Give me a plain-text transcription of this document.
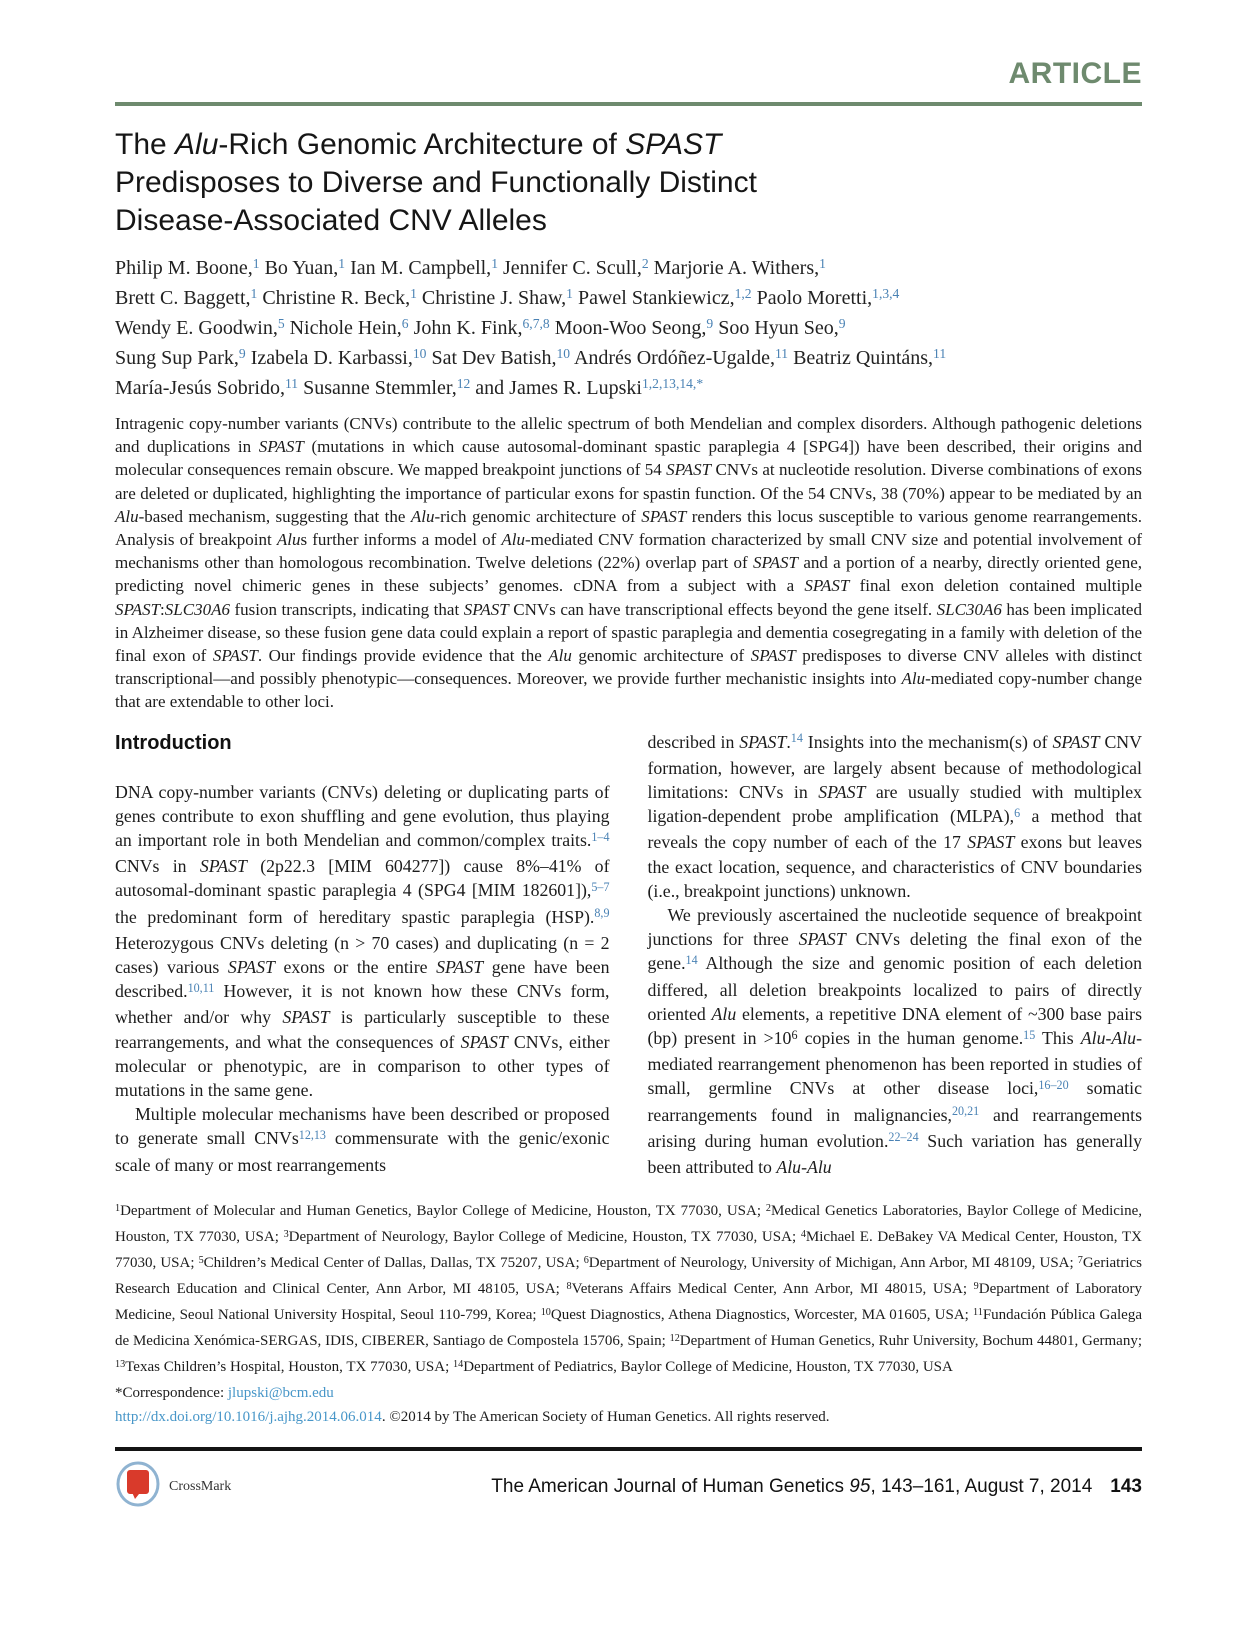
ARTICLE
The Alu-Rich Genomic Architecture of SPAST
Predisposes to Diverse and Functionally Distinct
Disease-Associated CNV Alleles
Philip M. Boone,$^1$ Bo Yuan,$^1$ Ian M. Campbell,$^1$ Jennifer C. Scull,$^2$ Marjorie A. Withers,$^1$
Brett C. Baggett,$^1$ Christine R. Beck,$^1$ Christine J. Shaw,$^1$ Pawel Stankiewicz,$^{1,2}$ Paolo Moretti,$^{1,3,4}$
Wendy E. Goodwin,$^5$ Nichole Hein,$^6$ John K. Fink,$^{6,7,8}$ Moon-Woo Seong,$^9$ Soo Hyun Seo,$^9$
Sung Sup Park,$^9$ Izabela D. Karbassi,$^{10}$ Sat Dev Batish,$^{10}$ Andrés Ordóñez-Ugalde,$^{11}$ Beatriz Quintáns,$^{11}$
María-Jesús Sobrido,$^{11}$ Susanne Stemmler,$^{12}$ and James R. Lupski$^{1,2,13,14,*}$
Intragenic copy-number variants (CNVs) contribute to the allelic spectrum of both Mendelian and complex disorders. Although pathogenic deletions and duplications in SPAST (mutations in which cause autosomal-dominant spastic paraplegia 4 [SPG4]) have been described, their origins and molecular consequences remain obscure. We mapped breakpoint junctions of 54 SPAST CNVs at nucleotide resolution. Diverse combinations of exons are deleted or duplicated, highlighting the importance of particular exons for spastin function. Of the 54 CNVs, 38 (70%) appear to be mediated by an Alu-based mechanism, suggesting that the Alu-rich genomic architecture of SPAST renders this locus susceptible to various genome rearrangements. Analysis of breakpoint Alus further informs a model of Alu-mediated CNV formation characterized by small CNV size and potential involvement of mechanisms other than homologous recombination. Twelve deletions (22%) overlap part of SPAST and a portion of a nearby, directly oriented gene, predicting novel chimeric genes in these subjects’ genomes. cDNA from a subject with a SPAST final exon deletion contained multiple SPAST:SLC30A6 fusion transcripts, indicating that SPAST CNVs can have transcriptional effects beyond the gene itself. SLC30A6 has been implicated in Alzheimer disease, so these fusion gene data could explain a report of spastic paraplegia and dementia cosegregating in a family with deletion of the final exon of SPAST. Our findings provide evidence that the Alu genomic architecture of SPAST predisposes to diverse CNV alleles with distinct transcriptional—and possibly phenotypic—consequences. Moreover, we provide further mechanistic insights into Alu-mediated copy-number change that are extendable to other loci.
Introduction

DNA copy-number variants (CNVs) deleting or duplicating parts of genes contribute to exon shuffling and gene evolution, thus playing an important role in both Mendelian and common/complex traits.$^{1-4}$ CNVs in SPAST (2p22.3 [MIM 604277]) cause 8%–41% of autosomal-dominant spastic paraplegia 4 (SPG4 [MIM 182601]),$^{5-7}$ the predominant form of hereditary spastic paraplegia (HSP).$^{8,9}$ Heterozygous CNVs deleting (n > 70 cases) and duplicating (n = 2 cases) various SPAST exons or the entire SPAST gene have been described.$^{10,11}$ However, it is not known how these CNVs form, whether and/or why SPAST is particularly susceptible to these rearrangements, and what the consequences of SPAST CNVs, either molecular or phenotypic, are in comparison to other types of mutations in the same gene.

Multiple molecular mechanisms have been described or proposed to generate small CNVs$^{12,13}$ commensurate with the genic/exonic scale of many or most rearrangements

described in SPAST.$^{14}$ Insights into the mechanism(s) of SPAST CNV formation, however, are largely absent because of methodological limitations: CNVs in SPAST are usually studied with multiplex ligation-dependent probe amplification (MLPA),$^6$ a method that reveals the copy number of each of the 17 SPAST exons but leaves the exact location, sequence, and characteristics of CNV boundaries (i.e., breakpoint junctions) unknown.

We previously ascertained the nucleotide sequence of breakpoint junctions for three SPAST CNVs deleting the final exon of the gene.$^{14}$ Although the size and genomic position of each deletion differed, all deletion breakpoints localized to pairs of directly oriented Alu elements, a repetitive DNA element of ~300 base pairs (bp) present in $>10^6$ copies in the human genome.$^{15}$ This Alu-Alu-mediated rearrangement phenomenon has been reported in studies of small, germline CNVs at other disease loci,$^{16-20}$ somatic rearrangements found in malignancies,$^{20,21}$ and rearrangements arising during human evolution.$^{22-24}$ Such variation has generally been attributed to Alu-Alu

$^1$Department of Molecular and Human Genetics, Baylor College of Medicine, Houston, TX 77030, USA; $^2$Medical Genetics Laboratories, Baylor College of Medicine, Houston, TX 77030, USA; $^3$Department of Neurology, Baylor College of Medicine, Houston, TX 77030, USA; $^4$Michael E. DeBakey VA Medical Center, Houston, TX 77030, USA; $^5$Children’s Medical Center of Dallas, Dallas, TX 75207, USA; $^6$Department of Neurology, University of Michigan, Ann Arbor, MI 48109, USA; $^7$Geriatrics Research Education and Clinical Center, Ann Arbor, MI 48105, USA; $^8$Veterans Affairs Medical Center, Ann Arbor, MI 48015, USA; $^9$Department of Laboratory Medicine, Seoul National University Hospital, Seoul 110-799, Korea; $^{10}$Quest Diagnostics, Athena Diagnostics, Worcester, MA 01605, USA; $^{11}$Fundación Pública Galega de Medicina Xenómica-SERGAS, IDIS, CIBERER, Santiago de Compostela 15706, Spain; $^{12}$Department of Human Genetics, Ruhr University, Bochum 44801, Germany; $^{13}$Texas Children’s Hospital, Houston, TX 77030, USA; $^{14}$Department of Pediatrics, Baylor College of Medicine, Houston, TX 77030, USA
*Correspondence: jlupski@bcm.edu
http://dx.doi.org/10.1016/j.ajhg.2014.06.014. ©2014 by The American Society of Human Genetics. All rights reserved.
CrossMark	The American Journal of Human Genetics 95, 143–161, August 7, 2014 143
